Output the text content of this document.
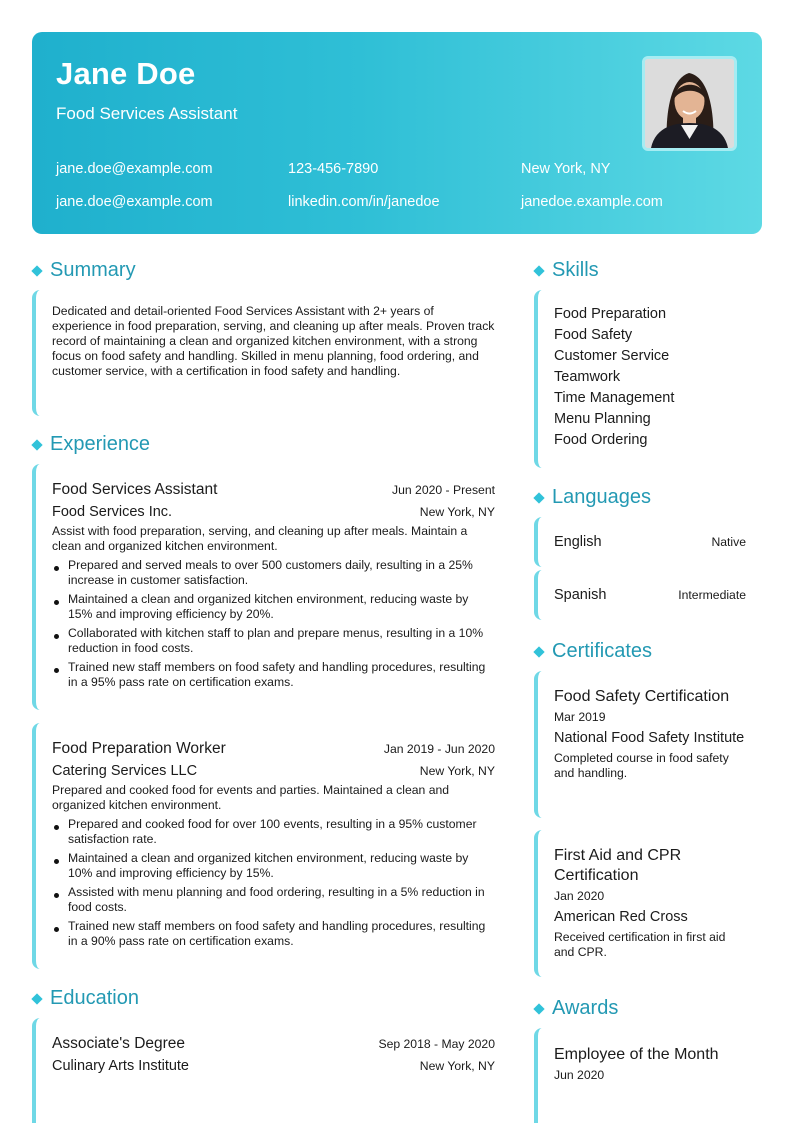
Jane Doe
Food Services Assistant
jane.doe@example.com	123-456-7890	New York, NY
jane.doe@example.com	linkedin.com/in/janedoe	janedoe.example.com
Summary

Dedicated and detail-oriented Food Services Assistant with 2+ years of experience in food preparation, serving, and cleaning up after meals. Proven track record of maintaining a clean and organized kitchen environment, with a strong focus on food safety and handling. Skilled in menu planning, food ordering, and customer service, with a certification in food safety and handling.

Experience
Food Services Assistant	Jun 2020 - Present
Food Services Inc.	New York, NY
Assist with food preparation, serving, and cleaning up after meals. Maintain a clean and organized kitchen environment.
Prepared and served meals to over 500 customers daily, resulting in a 25% increase in customer satisfaction.
Maintained a clean and organized kitchen environment, reducing waste by 15% and improving efficiency by 20%.
Collaborated with kitchen staff to plan and prepare menus, resulting in a 10% reduction in food costs.
Trained new staff members on food safety and handling procedures, resulting in a 95% pass rate on certification exams.
Food Preparation Worker	Jan 2019 - Jun 2020
Catering Services LLC	New York, NY
Prepared and cooked food for events and parties. Maintained a clean and organized kitchen environment.
Prepared and cooked food for over 100 events, resulting in a 95% customer satisfaction rate.
Maintained a clean and organized kitchen environment, reducing waste by 10% and improving efficiency by 15%.
Assisted with menu planning and food ordering, resulting in a 5% reduction in food costs.
Trained new staff members on food safety and handling procedures, resulting in a 90% pass rate on certification exams.
Education
Associate's Degree	Sep 2018 - May 2020
Culinary Arts Institute	New York, NY
Skills
Food Preparation
Food Safety
Customer Service
Teamwork
Time Management
Menu Planning
Food Ordering
Languages
English	Native
Spanish	Intermediate
Certificates
Food Safety Certification
Mar 2019
National Food Safety Institute
Completed course in food safety and handling.
First Aid and CPR Certification
Jan 2020
American Red Cross
Received certification in first aid and CPR.
Awards
Employee of the Month
Jun 2020
